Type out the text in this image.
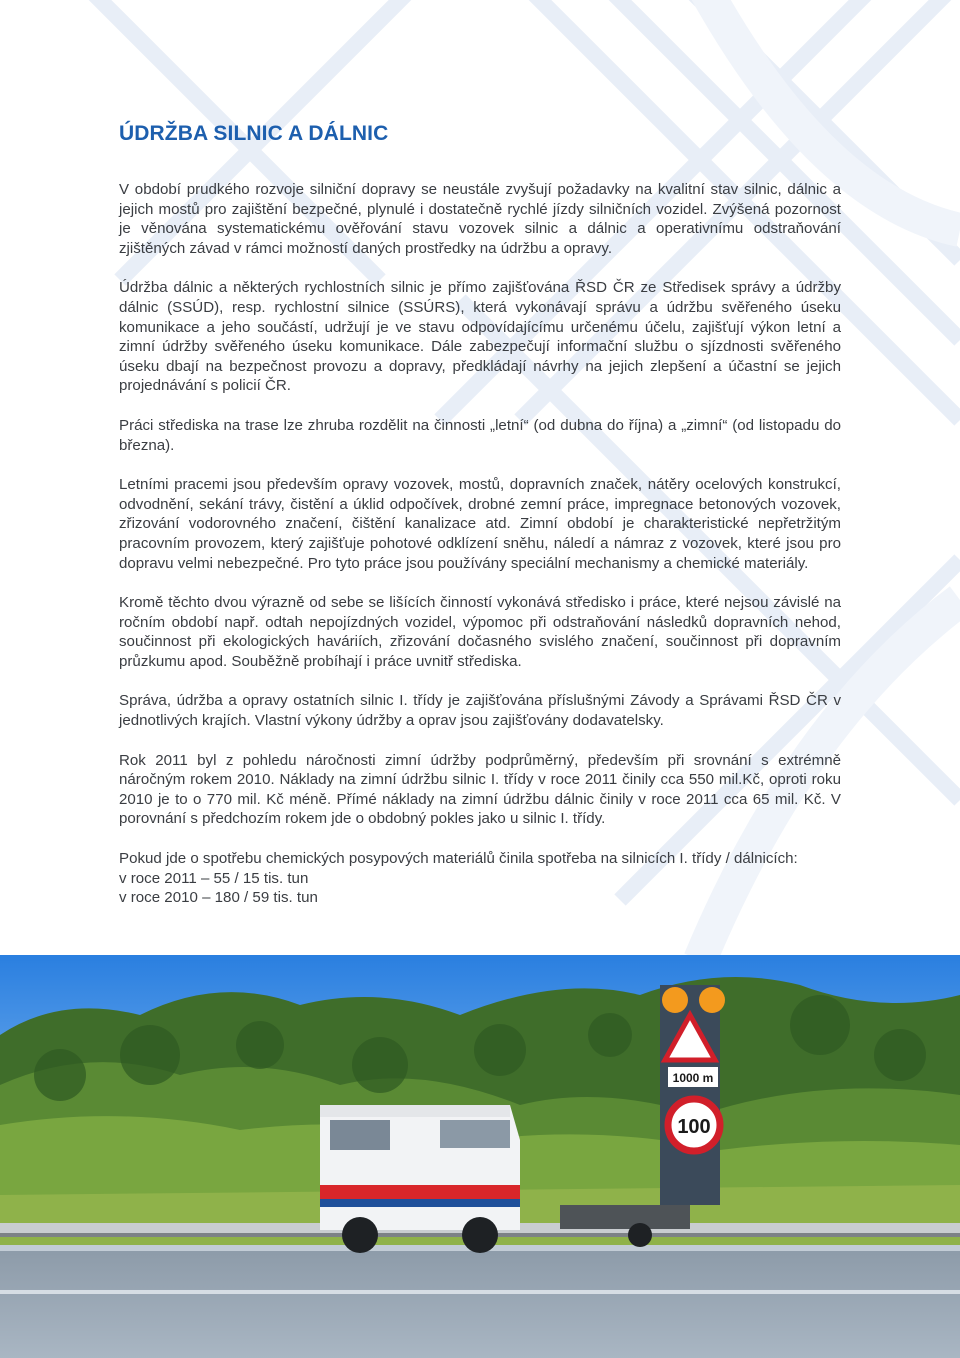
ÚDRŽBA SILNIC A DÁLNIC

V období prudkého rozvoje silniční dopravy se neustále zvyšují požadavky na kvalitní stav silnic, dálnic a jejich mostů pro zajištění bezpečné, plynulé i dostatečně rychlé jízdy silničních vozidel. Zvýšená pozornost je věnována systematickému ověřování stavu vozovek silnic a dálnic a operativnímu odstraňování zjištěných závad v rámci možností daných prostředky na údržbu a opravy.

Údržba dálnic a některých rychlostních silnic je přímo zajišťována ŘSD ČR ze Středisek správy a údržby dálnic (SSÚD), resp. rychlostní silnice (SSÚRS), která vykonávají správu a údržbu svěřeného úseku komunikace a jeho součástí, udržují je ve stavu odpovídajícímu určenému účelu, zajišťují výkon letní a zimní údržby svěřeného úseku komunikace. Dále zabezpečují informační službu o sjízdnosti svěřeného úseku dbají na bezpečnost provozu a dopravy, předkládají návrhy na jejich zlepšení a účastní se jejich projednávání s policií ČR.

Práci střediska na trase lze zhruba rozdělit na činnosti „letní“ (od dubna do října) a „zimní“ (od listopadu do března).

Letními pracemi jsou především opravy vozovek, mostů, dopravních značek, nátěry ocelových konstrukcí, odvodnění, sekání trávy, čistění a úklid odpočívek, drobné zemní práce, impregnace betonových vozovek, zřizování vodorovného značení, čištění kanalizace atd. Zimní období je charakteristické nepřetržitým pracovním provozem, který zajišťuje pohotové odklízení sněhu, náledí a námraz z vozovek, které jsou pro dopravu velmi nebezpečné. Pro tyto práce jsou používány speciální mechanismy a chemické materiály.

Kromě těchto dvou výrazně od sebe se lišících činností vykonává středisko i práce, které nejsou závislé na ročním období např. odtah nepojízdných vozidel, výpomoc při odstraňování následků dopravních nehod, součinnost při ekologických haváriích, zřizování dočasného svislého značení, součinnost při dopravním průzkumu apod. Souběžně probíhají i práce uvnitř střediska.

Správa, údržba a opravy ostatních silnic I. třídy je zajišťována příslušnými Závody a Správami ŘSD ČR v jednotlivých krajích. Vlastní výkony údržby a oprav jsou zajišťovány dodavatelsky.

Rok 2011 byl z pohledu náročnosti zimní údržby podprůměrný, především při srovnání s extrémně náročným rokem 2010. Náklady na zimní údržbu silnic I. třídy v roce 2011 činily cca 550 mil.Kč, oproti roku 2010 je to o 770 mil. Kč méně. Přímé náklady na zimní údržbu dálnic činily v roce 2011 cca 65 mil. Kč. V porovnání s předchozím rokem jde o obdobný pokles jako u silnic I. třídy.

Pokud jde o spotřebu chemických posypových materiálů činila spotřeba na silnicích I. třídy / dálnicích:
v roce 2011 – 55 / 15 tis. tun
v roce 2010 – 180 / 59 tis. tun

1000 m
100
